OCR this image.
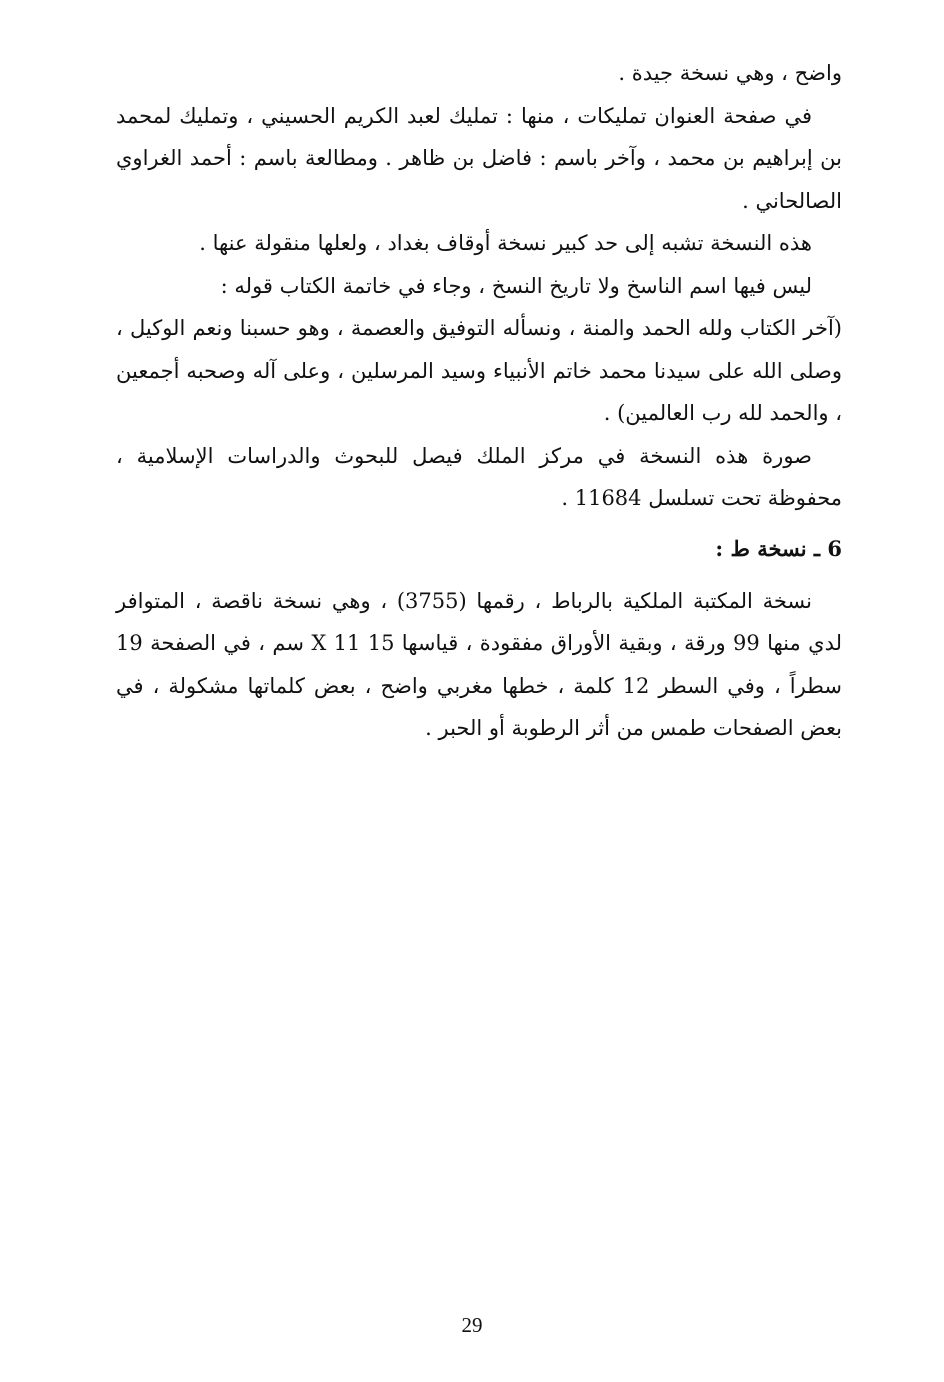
واضح ، وهي نسخة جيدة .

في صفحة العنوان تمليكات ، منها : تمليك لعبد الكريم الحسيني ، وتمليك لمحمد بن إبراهيم بن محمد ، وآخر باسم : فاضل بن ظاهر . ومطالعة باسم : أحمد الغراوي الصالحاني .

هذه النسخة تشبه إلى حد كبير نسخة أوقاف بغداد ، ولعلها منقولة عنها .

ليس فيها اسم الناسخ ولا تاريخ النسخ ، وجاء في خاتمة الكتاب قوله :

(آخر الكتاب ولله الحمد والمنة ، ونسأله التوفيق والعصمة ، وهو حسبنا ونعم الوكيل ، وصلى الله على سيدنا محمد خاتم الأنبياء وسيد المرسلين ، وعلى آله وصحبه أجمعين ، والحمد لله رب العالمين) .

صورة هذه النسخة في مركز الملك فيصل للبحوث والدراسات الإسلامية ، محفوظة تحت تسلسل 11684 .

6 ـ نسخة ط :

نسخة المكتبة الملكية بالرباط ، رقمها (3755) ، وهي نسخة ناقصة ، المتوافر لدي منها 99 ورقة ، وبقية الأوراق مفقودة ، قياسها 15 X 11 سم ، في الصفحة 19 سطراً ، وفي السطر 12 كلمة ، خطها مغربي واضح ، بعض كلماتها مشكولة ، في بعض الصفحات طمس من أثر الرطوبة أو الحبر .

29
